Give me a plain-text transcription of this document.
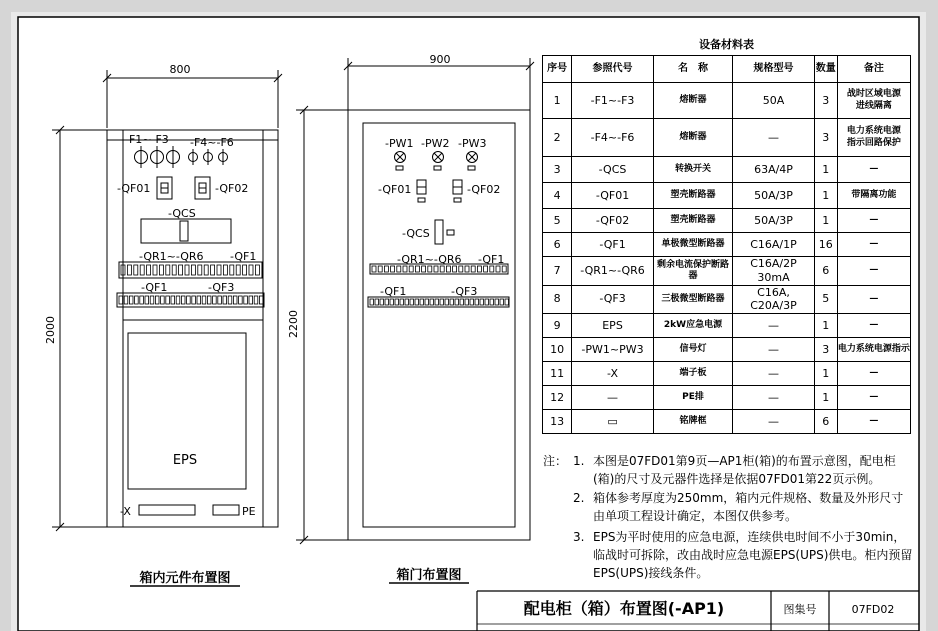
800
2000
-F1~-F3 -F4~-F6
-QF01	-QF02
-QCS
-QR1~-QR6 -QF1
-QF1	-QF3
EPS
-X	PE
900
2200
-PW1 -PW2 -PW3
-QF01	-QF02
-QCS
-QR1~-QR6 -QF1
-QF1	-QF3
箱内元件布置图	箱门布置图
配电柜（箱）布置图(-AP1)	图集号	07FD02
设备材料表
序号	参照代号	名　称	规格型号	数量	备注
1	-F1~-F3	熔断器	50A	3	战时区域电源
进线隔离
2	-F4~-F6	熔断器	—	3	电力系统电源
指示回路保护
3	-QCS	转换开关	63A/4P	1	—
4	-QF01	塑壳断路器	50A/3P	1	带隔离功能
5	-QF02	塑壳断路器	50A/3P	1	—
6	-QF1	单极微型断路器	C16A/1P	16	—
7	-QR1~-QR6	剩余电流保护断路器	C16A/2P 30mA	6	—
8	-QF3	三极微型断路器	C16A, C20A/3P	5	—
9	EPS	2kW应急电源	—	1	—
10	-PW1~PW3	信号灯	—	3	电力系统电源指示
11	-X	端子板	—	1	—
12	—	PE排	—	1	—
13	▭	铭牌框	—	6	—
注： 1. 本图是07FD01第9页—AP1柜(箱)的布置示意图，配电柜(箱)的尺寸及元器件选择是依据07FD01第22页示例。
2. 箱体参考厚度为250mm，箱内元件规格、数量及外形尺寸由单项工程设计确定，本图仅供参考。
3. EPS为平时使用的应急电源，连续供电时间不小于30min，临战时可拆除，改由战时应急电源EPS(UPS)供电。柜内预留EPS(UPS)接线条件。
